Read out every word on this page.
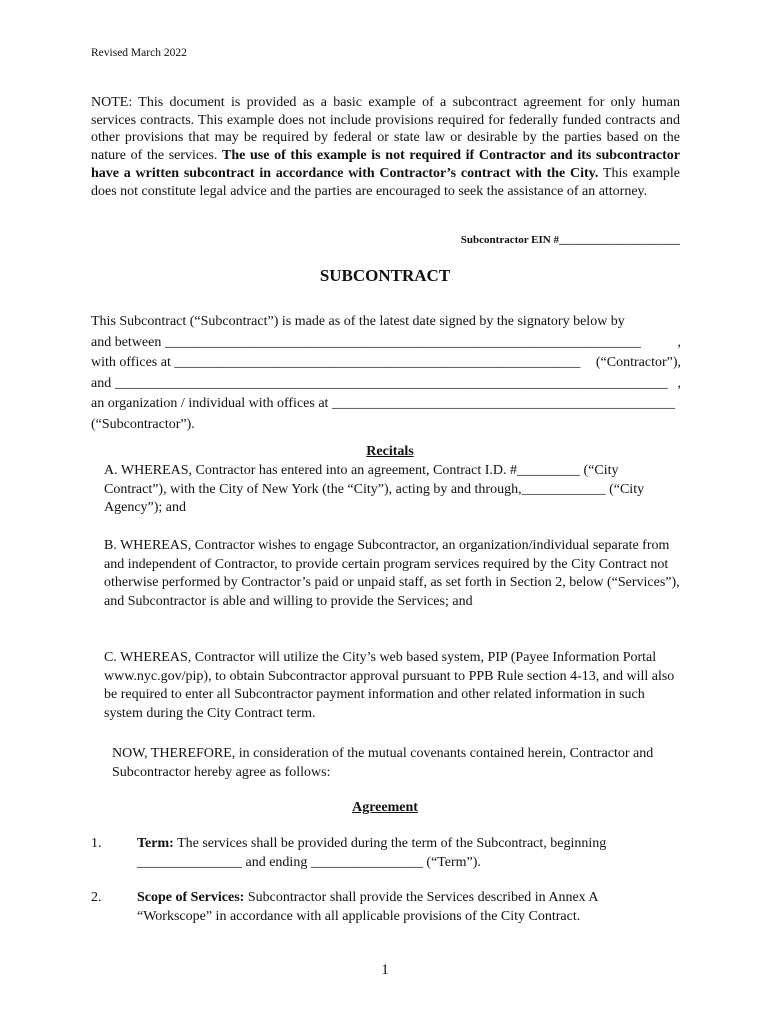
Revised March 2022
NOTE: This document is provided as a basic example of a subcontract agreement for only human services contracts. This example does not include provisions required for federally funded contracts and other provisions that may be required by federal or state law or desirable by the parties based on the nature of the services. The use of this example is not required if Contractor and its subcontractor have a written subcontract in accordance with Contractor’s contract with the City. This example does not constitute legal advice and the parties are encouraged to seek the assistance of an attorney.
Subcontractor EIN #______________________
SUBCONTRACT
This Subcontract (“Subcontract”) is made as of the latest date signed by the signatory below by
and between
____________________________________________________________________	,
with offices at
__________________________________________________________
	(“Contractor”),
and
_______________________________________________________________________________ ,
an organization / individual with offices at
_________________________________________________
(“Subcontractor”).
Recitals
A. WHEREAS, Contractor has entered into an agreement, Contract I.D. #_________ (“City Contract”), with the City of New York (the “City”), acting by and through,____________ (“City Agency”); and
B. WHEREAS, Contractor wishes to engage Subcontractor, an organization/individual separate from and independent of Contractor, to provide certain program services required by the City Contract not otherwise performed by Contractor’s paid or unpaid staff, as set forth in Section 2, below (“Services”), and Subcontractor is able and willing to provide the Services; and
C. WHEREAS, Contractor will utilize the City’s web based system, PIP (Payee Information Portal www.nyc.gov/pip), to obtain Subcontractor approval pursuant to PPB Rule section 4-13, and will also be required to enter all Subcontractor payment information and other related information in such system during the City Contract term.
NOW, THEREFORE, in consideration of the mutual covenants contained herein, Contractor and Subcontractor hereby agree as follows:
Agreement
1.	Term: The services shall be provided during the term of the Subcontract, beginning _______________ and ending ________________ (“Term”).
2.	Scope of Services: Subcontractor shall provide the Services described in Annex A “Workscope” in accordance with all applicable provisions of the City Contract.
1
